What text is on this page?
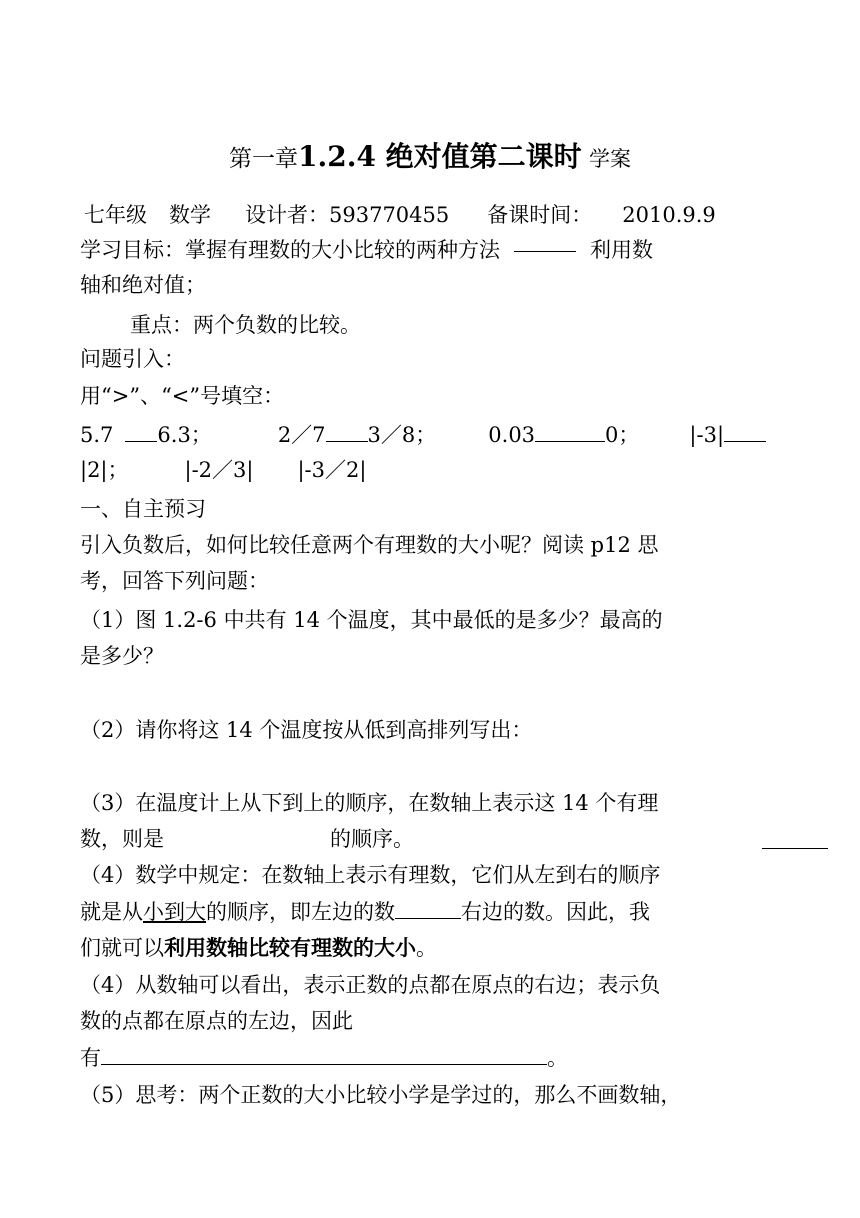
第一章1.2.4 绝对值第二课时 学案
七年级 数学 设计者：593770455 备课时间： 2010.9.9
学习目标：掌握有理数的大小比较的两种方法	利用数
轴和绝对值；
重点：两个负数的比较。
问题引入：
用“>”、“<”号填空：
5.7 6.3；	2／7 3／8； 0.03	0； |-3|
|2|；	|-2／3| |-3／2|
一、自主预习
引入负数后，如何比较任意两个有理数的大小呢？阅读 p12 思
考，回答下列问题：
（1）图 1.2-6 中共有 14 个温度，其中最低的是多少？最高的
是多少？
（2）请你将这 14 个温度按从低到高排列写出：
（3）在温度计上从下到上的顺序，在数轴上表示这 14 个有理
数，则是	的顺序。
（4）数学中规定：在数轴上表示有理数，它们从左到右的顺序
就是从小到大的顺序，即左边的数	右边的数。因此，我
们就可以利用数轴比较有理数的大小。
（4）从数轴可以看出，表示正数的点都在原点的右边；表示负
数的点都在原点的左边，因此
有	。
（5）思考：两个正数的大小比较小学是学过的，那么不画数轴，
